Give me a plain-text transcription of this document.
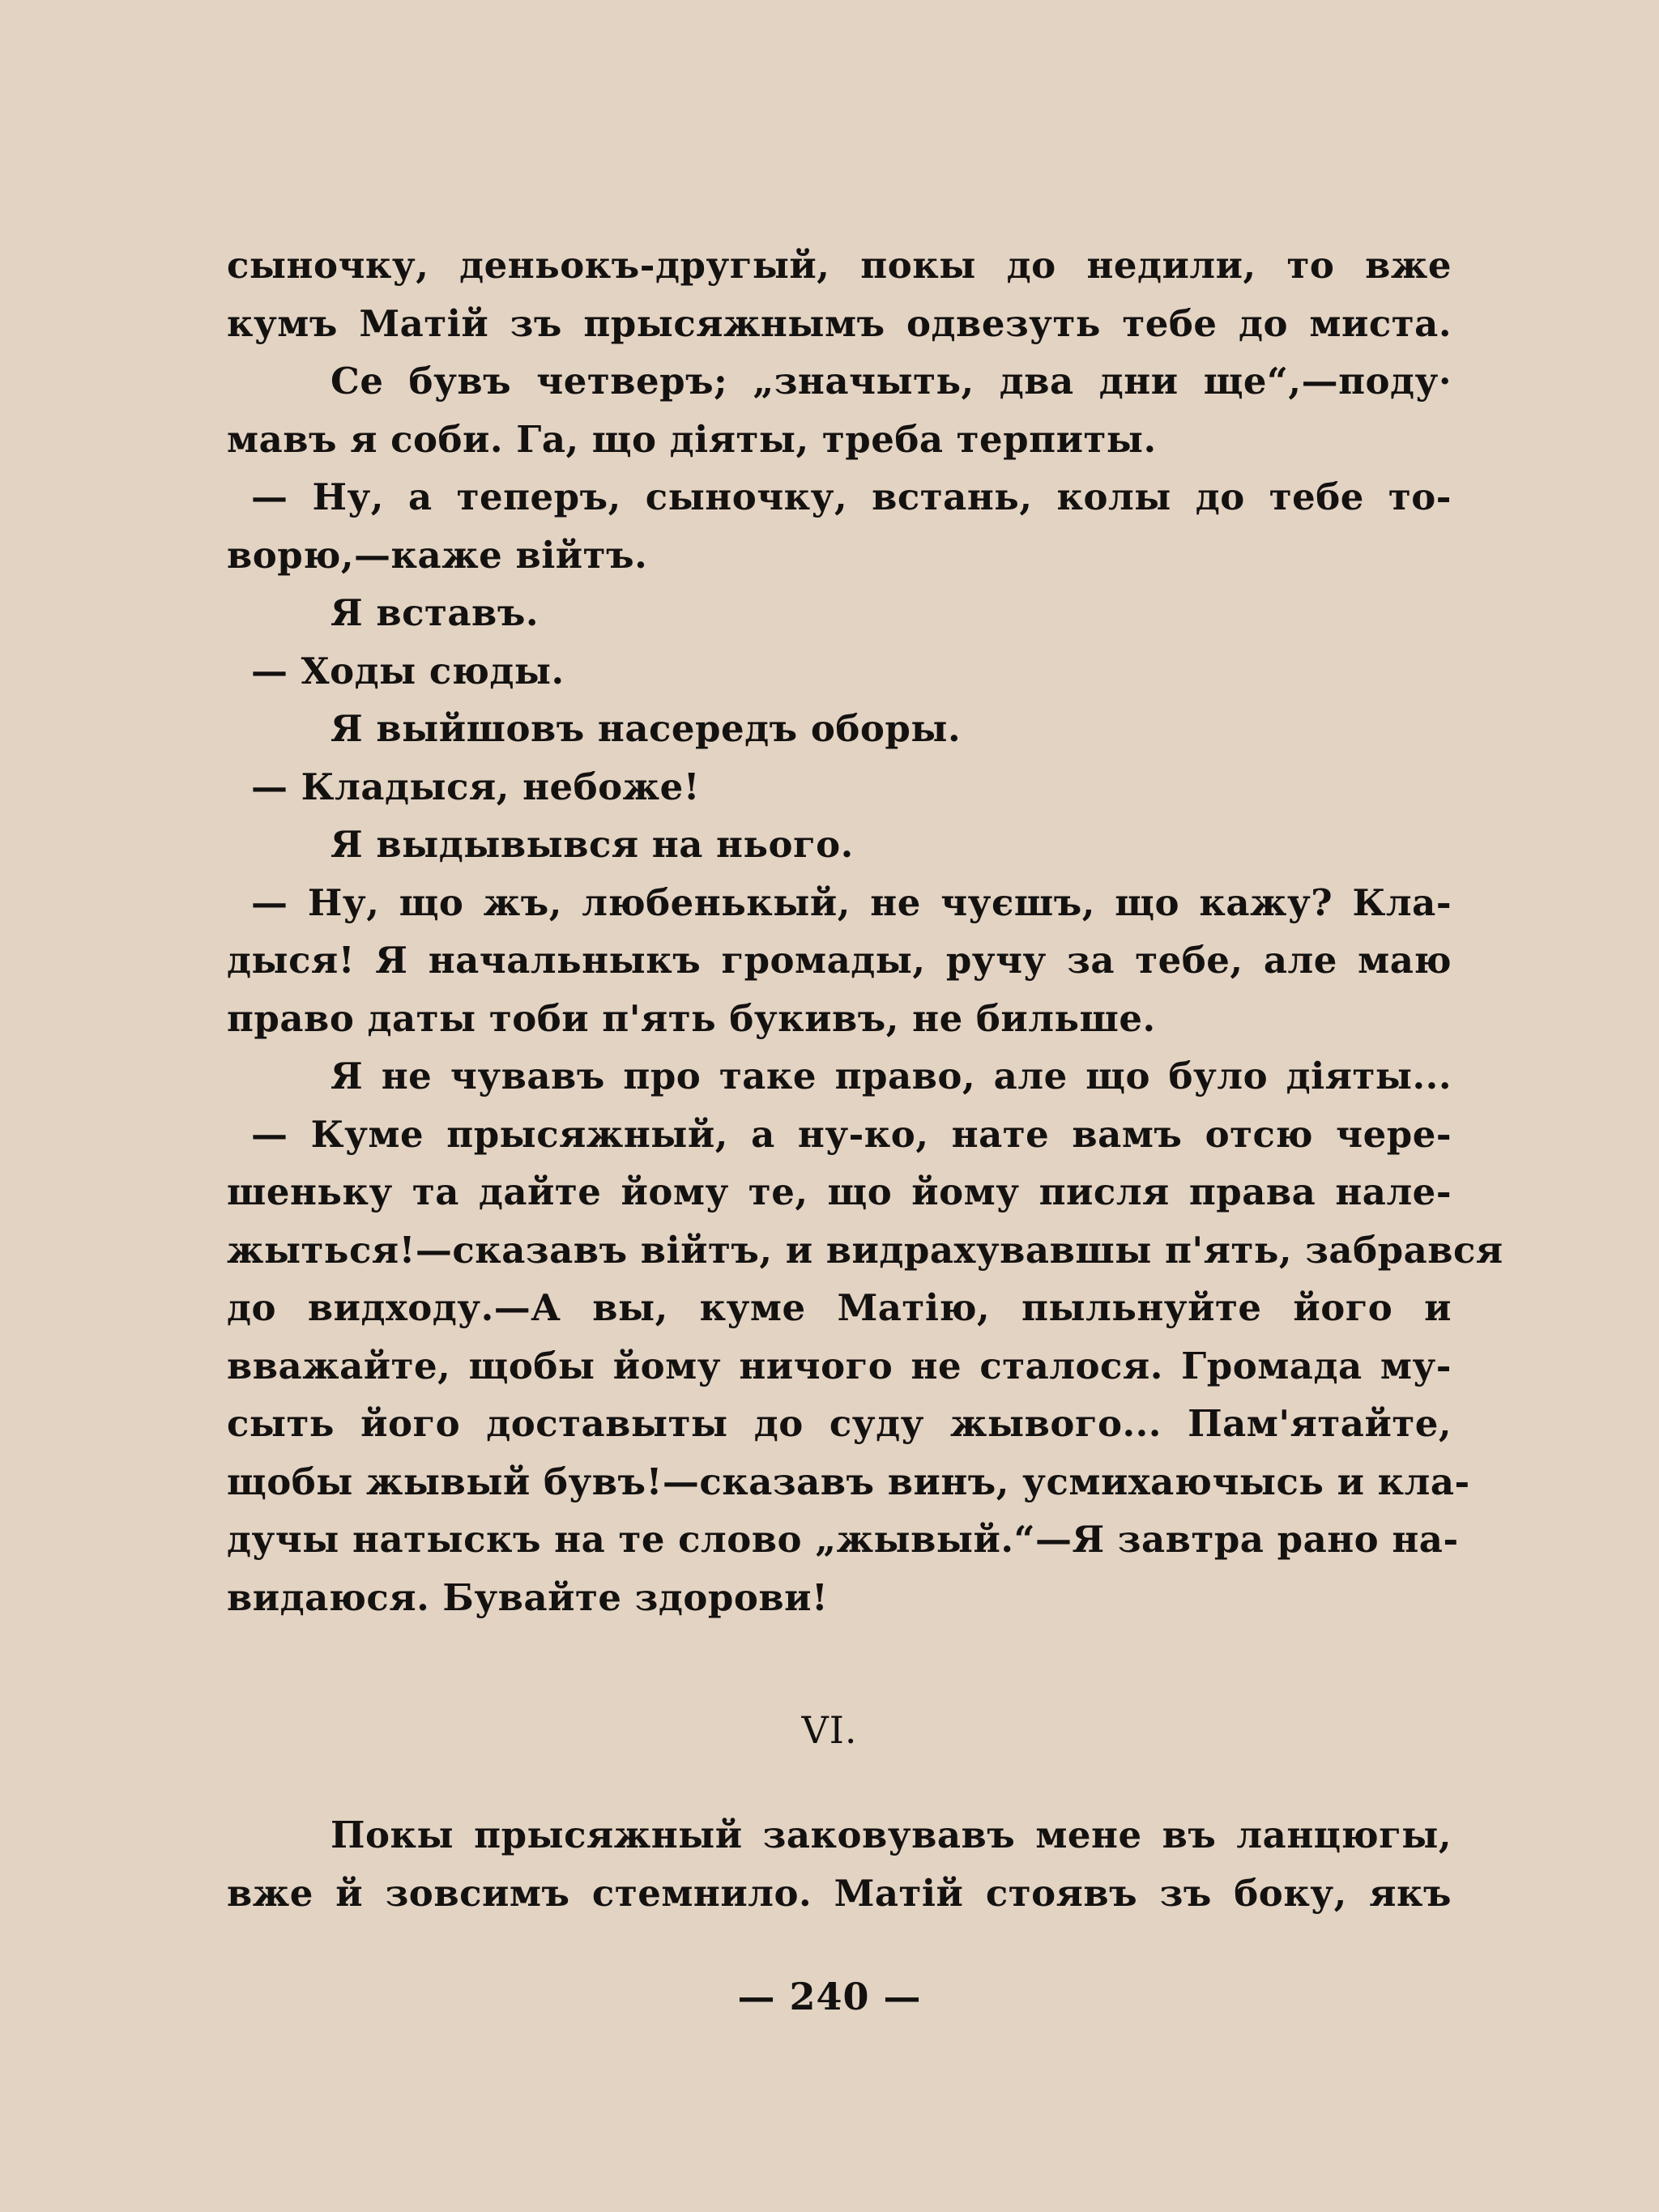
сыночку, деньокъ-другый, покы до недили, то вже
кумъ Матій зъ прысяжнымъ одвезуть тебе до миста.
Се бувъ четверъ; „значыть, два дни ще“,—поду·
мавъ я соби. Га, що діяты, треба терпиты.
— Ну, а теперъ, сыночку, встань, колы до тебе то-
ворю,—каже війтъ.
Я вставъ.
— Ходы сюды.
Я выйшовъ насередъ оборы.
— Кладыся, небоже!
Я выдывывся на нього.
— Ну, що жъ, любенькый, не чуєшъ, що кажу? Кла-
дыся! Я начальныкъ громады, ручу за тебе, але маю
право даты тоби п'ять букивъ, не бильше.
Я не чувавъ про таке право, але що було діяты...
— Куме прысяжный, а ну-ко, нате вамъ отсю чере-
шеньку та дайте йому те, що йому писля права нале-
жыться!—сказавъ війтъ, и видрахувавшы п'ять, забрався
до видходу.—А вы, куме Матію, пыльнуйте його и
вважайте, щобы йому ничого не сталося. Громада му-
сыть його доставыты до суду жывого... Пам'ятайте,
щобы жывый бувъ!—сказавъ винъ, усмихаючысь и кла-
дучы натыскъ на те слово „жывый.“—Я завтра рано на-
видаюся. Бувайте здорови!
VI.
Покы прысяжный заковувавъ мене въ ланцюгы,
вже й зовсимъ стемнило. Матій стоявъ зъ боку, якъ
— 240 —
